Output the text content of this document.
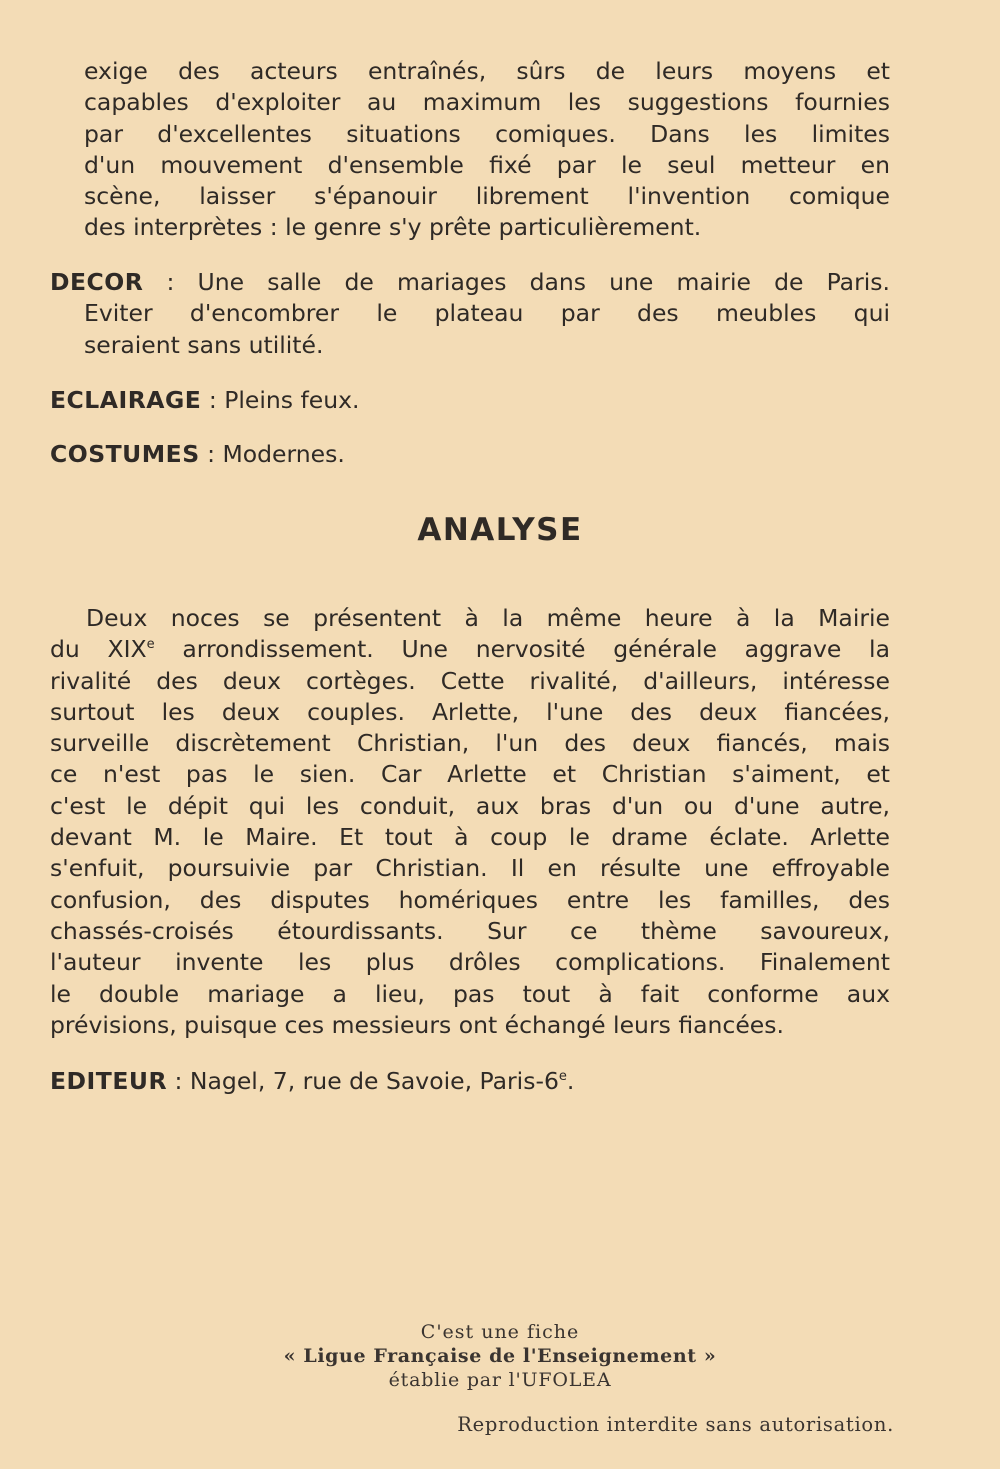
exige des acteurs entraînés, sûrs de leurs moyens et
capables d'exploiter au maximum les suggestions fournies
par d'excellentes situations comiques. Dans les limites
d'un mouvement d'ensemble fixé par le seul metteur en
scène, laisser s'épanouir librement l'invention comique
des interprètes : le genre s'y prête particulièrement.
DECOR : Une salle de mariages dans une mairie de Paris.
Eviter d'encombrer le plateau par des meubles qui
seraient sans utilité.
ECLAIRAGE : Pleins feux.
COSTUMES : Modernes.
ANALYSE
Deux noces se présentent à la même heure à la Mairie
du XIXe arrondissement. Une nervosité générale aggrave la
rivalité des deux cortèges. Cette rivalité, d'ailleurs, intéresse
surtout les deux couples. Arlette, l'une des deux fiancées,
surveille discrètement Christian, l'un des deux fiancés, mais
ce n'est pas le sien. Car Arlette et Christian s'aiment, et
c'est le dépit qui les conduit, aux bras d'un ou d'une autre,
devant M. le Maire. Et tout à coup le drame éclate. Arlette
s'enfuit, poursuivie par Christian. Il en résulte une effroyable
confusion, des disputes homériques entre les familles, des
chassés-croisés étourdissants. Sur ce thème savoureux,
l'auteur invente les plus drôles complications. Finalement
le double mariage a lieu, pas tout à fait conforme aux
prévisions, puisque ces messieurs ont échangé leurs fiancées.
EDITEUR : Nagel, 7, rue de Savoie, Paris-6e.
C'est une fiche
« Ligue Française de l'Enseignement »
établie par l'UFOLEA
Reproduction interdite sans autorisation.
